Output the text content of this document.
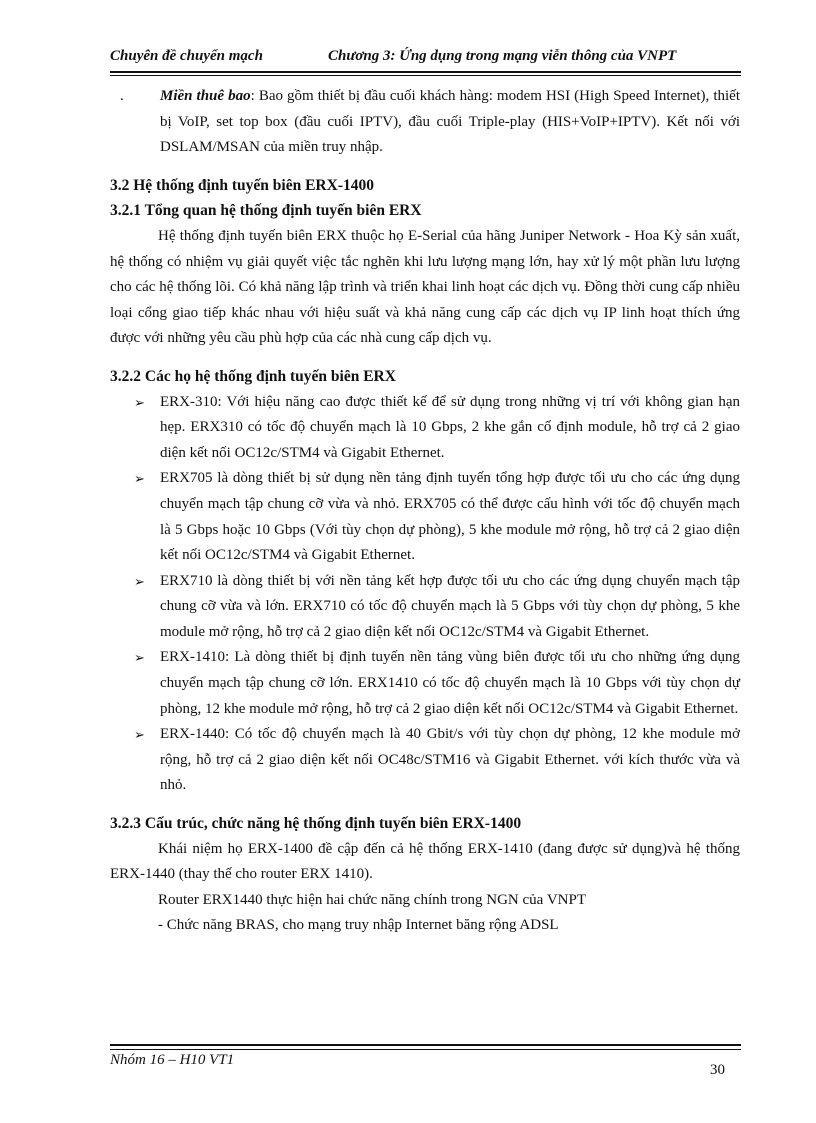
Chuyên đề chuyển mạch	Chương 3: Ứng dụng trong mạng viễn thông của VNPT

. Miền thuê bao: Bao gồm thiết bị đầu cuối khách hàng: modem HSI (High Speed Internet), thiết bị VoIP, set top box (đầu cuối IPTV), đầu cuối Triple-play (HIS+VoIP+IPTV). Kết nối với DSLAM/MSAN của miền truy nhập.

3.2 Hệ thống định tuyến biên ERX-1400
3.2.1 Tổng quan hệ thống định tuyến biên ERX

Hệ thống định tuyến biên ERX thuộc họ E-Serial của hãng Juniper Network - Hoa Kỳ sản xuất, hệ thống có nhiệm vụ giải quyết việc tắc nghẽn khi lưu lượng mạng lớn, hay xử lý một phần lưu lượng cho các hệ thống lõi. Có khả năng lập trình và triển khai linh hoạt các dịch vụ. Đồng thời cung cấp nhiều loại cổng giao tiếp khác nhau với hiệu suất và khả năng cung cấp các dịch vụ IP linh hoạt thích ứng được với những yêu cầu phù hợp của các nhà cung cấp dịch vụ.

3.2.2 Các họ hệ thống định tuyến biên ERX
➢ ERX-310: Với hiệu năng cao được thiết kế để sử dụng trong những vị trí với không gian hạn hẹp. ERX310 có tốc độ chuyển mạch là 10 Gbps, 2 khe gắn cố định module, hỗ trợ cả 2 giao diện kết nối OC12c/STM4 và Gigabit Ethernet.
➢ ERX705 là dòng thiết bị sử dụng nền tảng định tuyến tổng hợp được tối ưu cho các ứng dụng chuyển mạch tập chung cỡ vừa và nhỏ. ERX705 có thể được cấu hình với tốc độ chuyển mạch là 5 Gbps hoặc 10 Gbps (Với tùy chọn dự phòng), 5 khe module mở rộng, hỗ trợ cả 2 giao diện kết nối OC12c/STM4 và Gigabit Ethernet.
➢ ERX710 là dòng thiết bị với nền tảng kết hợp được tối ưu cho các ứng dụng chuyển mạch tập chung cỡ vừa và lớn. ERX710 có tốc độ chuyển mạch là 5 Gbps với tùy chọn dự phòng, 5 khe module mở rộng, hỗ trợ cả 2 giao diện kết nối OC12c/STM4 và Gigabit Ethernet.
➢ ERX-1410: Là dòng thiết bị định tuyến nền tảng vùng biên được tối ưu cho những ứng dụng chuyển mạch tập chung cỡ lớn. ERX1410 có tốc độ chuyển mạch là 10 Gbps với tùy chọn dự phòng, 12 khe module mở rộng, hỗ trợ cả 2 giao diện kết nối OC12c/STM4 và Gigabit Ethernet.
➢ ERX-1440: Có tốc độ chuyển mạch là 40 Gbit/s với tùy chọn dự phòng, 12 khe module mở rộng, hỗ trợ cả 2 giao diện kết nối OC48c/STM16 và Gigabit Ethernet. với kích thước vừa và nhỏ.
3.2.3 Cấu trúc, chức năng hệ thống định tuyến biên ERX-1400

Khái niệm họ ERX-1400 đề cập đến cả hệ thống ERX-1410 (đang được sử dụng)và hệ thống ERX-1440 (thay thế cho router ERX 1410).

Router ERX1440 thực hiện hai chức năng chính trong NGN của VNPT

- Chức năng BRAS, cho mạng truy nhập Internet băng rộng ADSL

Nhóm 16 – H10 VT1
30
